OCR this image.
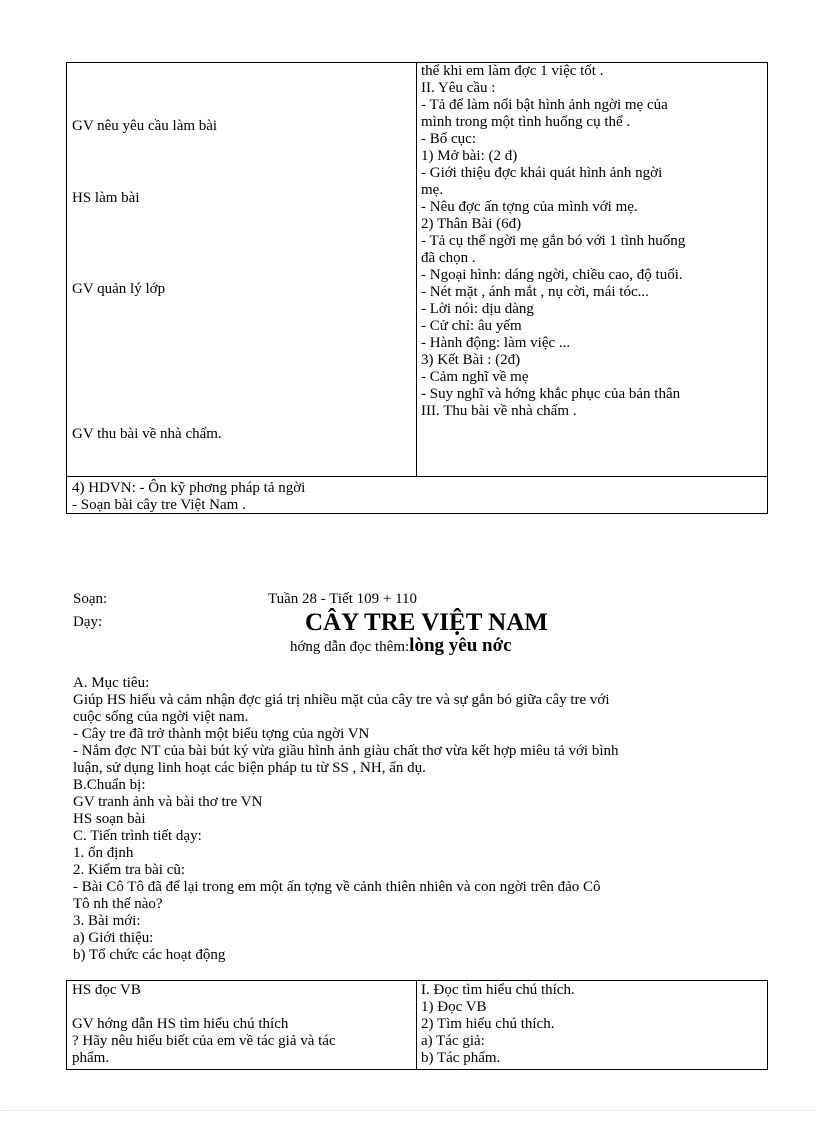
GV nêu yêu cầu làm bài
HS làm bài
GV quản lý lớp
GV thu bài về nhà chấm.
thể khi em làm đợc 1 việc tốt .
II. Yêu cầu :
- Tả để làm nổi bật hình ảnh ngời mẹ của
mình trong một tình huống cụ thể .
- Bố cục:
1) Mở bài: (2 đ)
- Giới thiệu đợc khái quát hình ảnh ngời
mẹ.
- Nêu đợc ấn tợng của mình với mẹ.
2) Thân Bài (6đ)
- Tả cụ thể ngời mẹ gắn bó với 1 tình huống
đã chọn .
- Ngoại hình: dáng ngời, chiều cao, độ tuổi.
- Nét mặt , ánh mắt , nụ cời, mái tóc...
- Lời nói: dịu dàng
- Cử chỉ: âu yếm
- Hành động: làm việc ...
3) Kết Bài : (2đ)
- Cảm nghĩ về mẹ
- Suy nghĩ và hớng khắc phục của bản thân
III. Thu bài về nhà chấm .
4) HDVN: - Ôn kỹ phơng pháp tả ngời
- Soạn bài cây tre Việt Nam .
Soạn:
Dạy:
Tuần 28 - Tiết 109 + 110
CÂY TRE VIỆT NAM
hớng dẫn đọc thêm:lòng yêu nớc
A. Mục tiêu:
Giúp HS hiểu và cảm nhận đợc giá trị nhiều mặt của cây tre và sự gắn bó giữa cây tre với
cuộc sống của ngời việt nam.
- Cây tre đã trở thành một biểu tợng của ngời VN
- Nắm đợc NT của bài bút ký vừa giầu hình ảnh giàu chất thơ vừa kết hợp miêu tả với bình
luận, sử dụng linh hoạt các biện pháp tu từ SS , NH, ẩn dụ.
B.Chuẩn bị:
GV tranh ảnh và bài thơ tre VN
HS soạn bài
C. Tiến trình tiết dạy:
1. ổn định
2. Kiểm tra bài cũ:
- Bài Cô Tô đã để lại trong em một ấn tợng về cảnh thiên nhiên và con ngời trên đảo Cô
Tô nh thế nào?
3. Bài mới:
a) Giới thiệu:
b) Tổ chức các hoạt động
HS đọc VB
GV hớng dẫn HS tìm hiểu chú thích
? Hãy nêu hiểu biết của em về tác giả và tác
phẩm.
I. Đọc tìm hiểu chú thích.
1) Đọc VB
2) Tìm hiểu chú thích.
a) Tác giả:
b) Tác phẩm.
